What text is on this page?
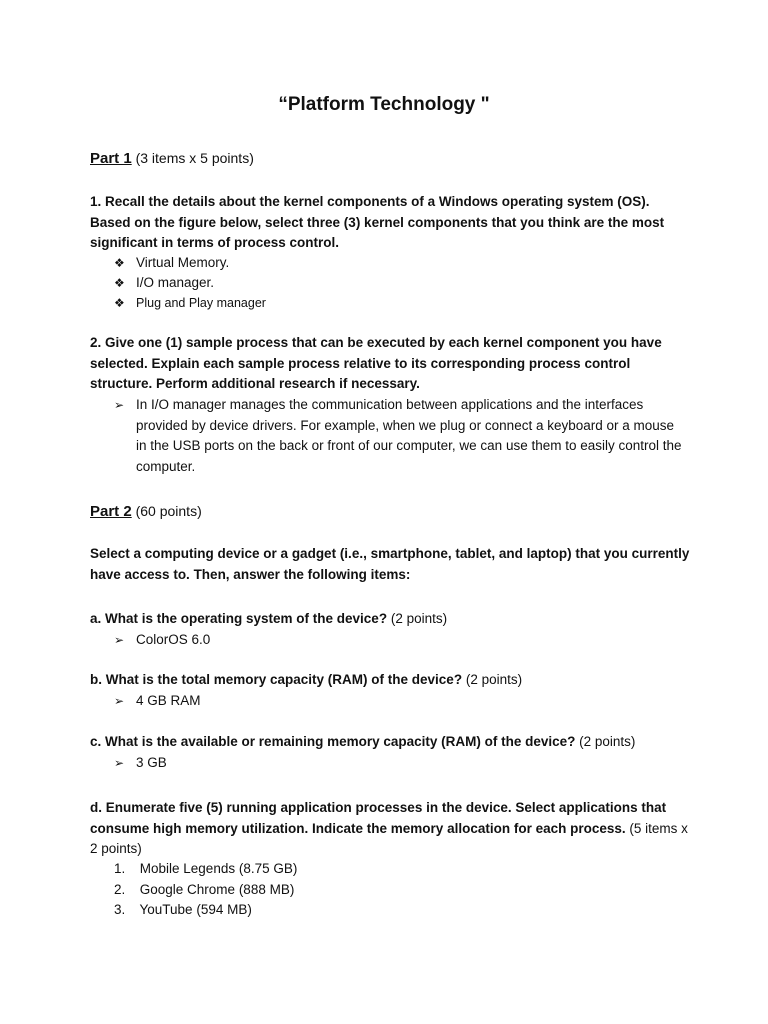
“Platform Technology "
Part 1 (3 items x 5 points)
1. Recall the details about the kernel components of a Windows operating system (OS). Based on the figure below, select three (3) kernel components that you think are the most significant in terms of process control.
❖ Virtual Memory.
❖ I/O manager.
❖ Plug and Play manager
2. Give one (1) sample process that can be executed by each kernel component you have selected. Explain each sample process relative to its corresponding process control structure. Perform additional research if necessary.
➢ In I/O manager manages the communication between applications and the interfaces provided by device drivers. For example, when we plug or connect a keyboard or a mouse in the USB ports on the back or front of our computer, we can use them to easily control the computer.
Part 2 (60 points)
Select a computing device or a gadget (i.e., smartphone, tablet, and laptop) that you currently have access to. Then, answer the following items:
a. What is the operating system of the device? (2 points)
➢ ColorOS 6.0
b. What is the total memory capacity (RAM) of the device? (2 points)
➢ 4 GB RAM
c. What is the available or remaining memory capacity (RAM) of the device? (2 points)
➢ 3 GB
d. Enumerate five (5) running application processes in the device. Select applications that consume high memory utilization. Indicate the memory allocation for each process. (5 items x 2 points)
1. Mobile Legends (8.75 GB)
2. Google Chrome (888 MB)
3. YouTube (594 MB)
